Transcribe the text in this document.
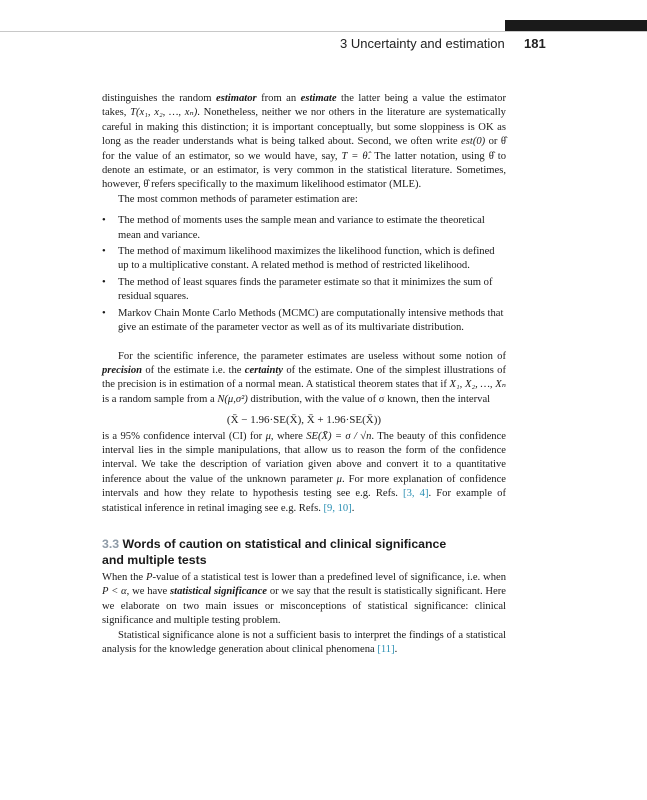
3 Uncertainty and estimation 181

distinguishes the random estimator from an estimate the latter being a value the estimator takes, T(x₁, x₂, …, xₙ). Nonetheless, neither we nor others in the literature are systematically careful in making this distinction; it is important conceptually, but some sloppiness is OK as long as the reader understands what is being talked about. Second, we often write est(0) or θ̂ for the value of an estimator, so we would have, say, T = θ̂. The latter notation, using θ̂ to denote an estimate, or an estimator, is very common in the statistical literature. Sometimes, however, θ̂ refers specifically to the maximum likelihood estimator (MLE).

The most common methods of parameter estimation are:

• The method of moments uses the sample mean and variance to estimate the theoretical mean and variance.
• The method of maximum likelihood maximizes the likelihood function, which is defined up to a multiplicative constant. A related method is method of restricted likelihood.
• The method of least squares finds the parameter estimate so that it minimizes the sum of residual squares.
• Markov Chain Monte Carlo Methods (MCMC) are computationally intensive methods that give an estimate of the parameter vector as well as of its multivariate distribution.

For the scientific inference, the parameter estimates are useless without some notion of precision of the estimate i.e. the certainty of the estimate. One of the simplest illustrations of the precision is in estimation of a normal mean. A statistical theorem states that if X₁, X₂, …, Xₙ is a random sample from a N(μ,σ²) distribution, with the value of σ known, then the interval

(X̄ − 1.96·SE(X̄), X̄ + 1.96·SE(X̄))

is a 95% confidence interval (CI) for μ, where SE(X̄) = σ / √n. The beauty of this confidence interval lies in the simple manipulations, that allow us to reason the form of the confidence interval. We take the description of variation given above and convert it to a quantitative inference about the value of the unknown parameter μ. For more explanation of confidence intervals and how they relate to hypothesis testing see e.g. Refs. [3, 4]. For example of statistical inference in retinal imaging see e.g. Refs. [9, 10].

3.3 Words of caution on statistical and clinical significance
and multiple tests

When the P-value of a statistical test is lower than a predefined level of significance, i.e. when P < α, we have statistical significance or we say that the result is statistically significant. Here we elaborate on two main issues or misconceptions of statistical significance: clinical significance and multiple testing problem.

Statistical significance alone is not a sufficient basis to interpret the findings of a statistical analysis for the knowledge generation about clinical phenomena [11].
